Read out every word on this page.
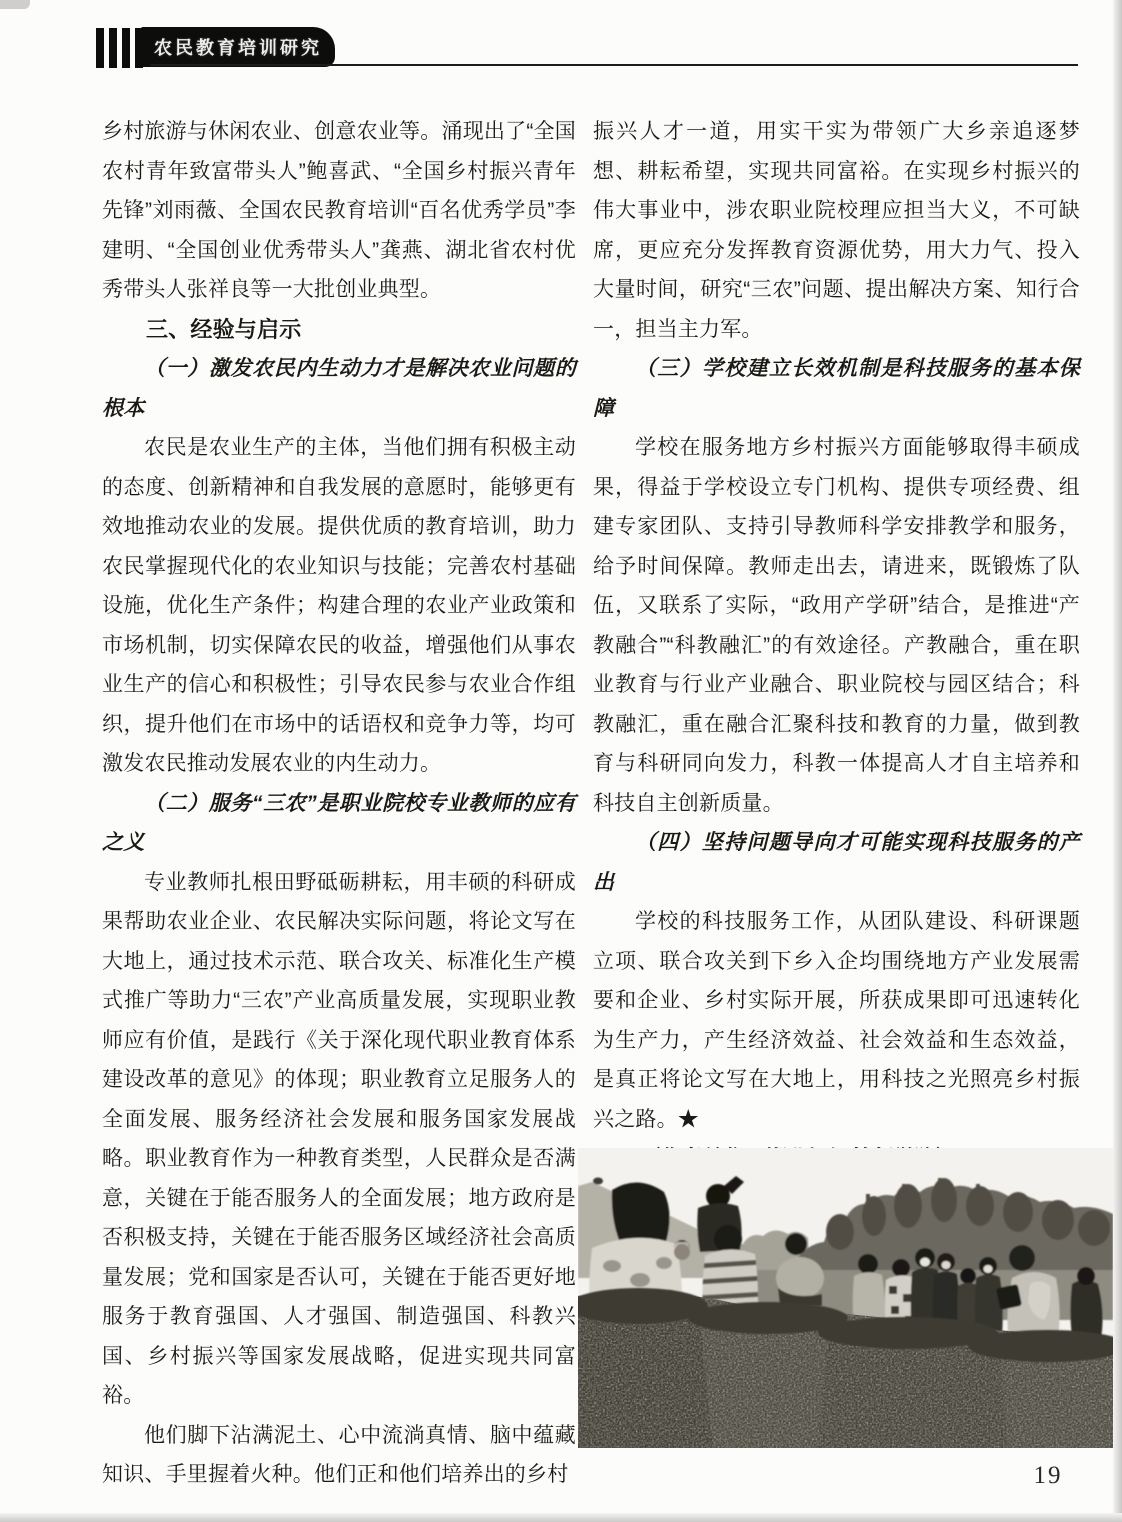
农民教育培训研究

乡村旅游与休闲农业、创意农业等。涌现出了“全国农村青年致富带头人”鲍喜武、“全国乡村振兴青年先锋”刘雨薇、全国农民教育培训“百名优秀学员”李建明、“全国创业优秀带头人”龚燕、湖北省农村优秀带头人张祥良等一大批创业典型。

三、经验与启示

（一）激发农民内生动力才是解决农业问题的根本

农民是农业生产的主体，当他们拥有积极主动的态度、创新精神和自我发展的意愿时，能够更有效地推动农业的发展。提供优质的教育培训，助力农民掌握现代化的农业知识与技能；完善农村基础设施，优化生产条件；构建合理的农业产业政策和市场机制，切实保障农民的收益，增强他们从事农业生产的信心和积极性；引导农民参与农业合作组织，提升他们在市场中的话语权和竞争力等，均可激发农民推动发展农业的内生动力。

（二）服务“三农”是职业院校专业教师的应有之义

专业教师扎根田野砥砺耕耘，用丰硕的科研成果帮助农业企业、农民解决实际问题，将论文写在大地上，通过技术示范、联合攻关、标准化生产模式推广等助力“三农”产业高质量发展，实现职业教师应有价值，是践行《关于深化现代职业教育体系建设改革的意见》的体现；职业教育立足服务人的全面发展、服务经济社会发展和服务国家发展战略。职业教育作为一种教育类型，人民群众是否满意，关键在于能否服务人的全面发展；地方政府是否积极支持，关键在于能否服务区域经济社会高质量发展；党和国家是否认可，关键在于能否更好地服务于教育强国、人才强国、制造强国、科教兴国、乡村振兴等国家发展战略，促进实现共同富裕。

他们脚下沾满泥土、心中流淌真情、脑中蕴藏知识、手里握着火种。他们正和他们培养出的乡村

振兴人才一道，用实干实为带领广大乡亲追逐梦想、耕耘希望，实现共同富裕。在实现乡村振兴的伟大事业中，涉农职业院校理应担当大义，不可缺席，更应充分发挥教育资源优势，用大力气、投入大量时间，研究“三农”问题、提出解决方案、知行合一，担当主力军。

（三）学校建立长效机制是科技服务的基本保障

学校在服务地方乡村振兴方面能够取得丰硕成果，得益于学校设立专门机构、提供专项经费、组建专家团队、支持引导教师科学安排教学和服务，给予时间保障。教师走出去，请进来，既锻炼了队伍，又联系了实际，“政用产学研”结合，是推进“产教融合”“科教融汇”的有效途径。产教融合，重在职业教育与行业产业融合、职业院校与园区结合；科教融汇，重在融合汇聚科技和教育的力量，做到教育与科研同向发力，科教一体提高人才自主培养和科技自主创新质量。

（四）坚持问题导向才可能实现科技服务的产出

学校的科技服务工作，从团队建设、科研课题立项、联合攻关到下乡入企均围绕地方产业发展需要和企业、乡村实际开展，所获成果即可迅速转化为生产力，产生经济效益、社会效益和生态效益，是真正将论文写在大地上，用科技之光照亮乡村振兴之路。★

19
